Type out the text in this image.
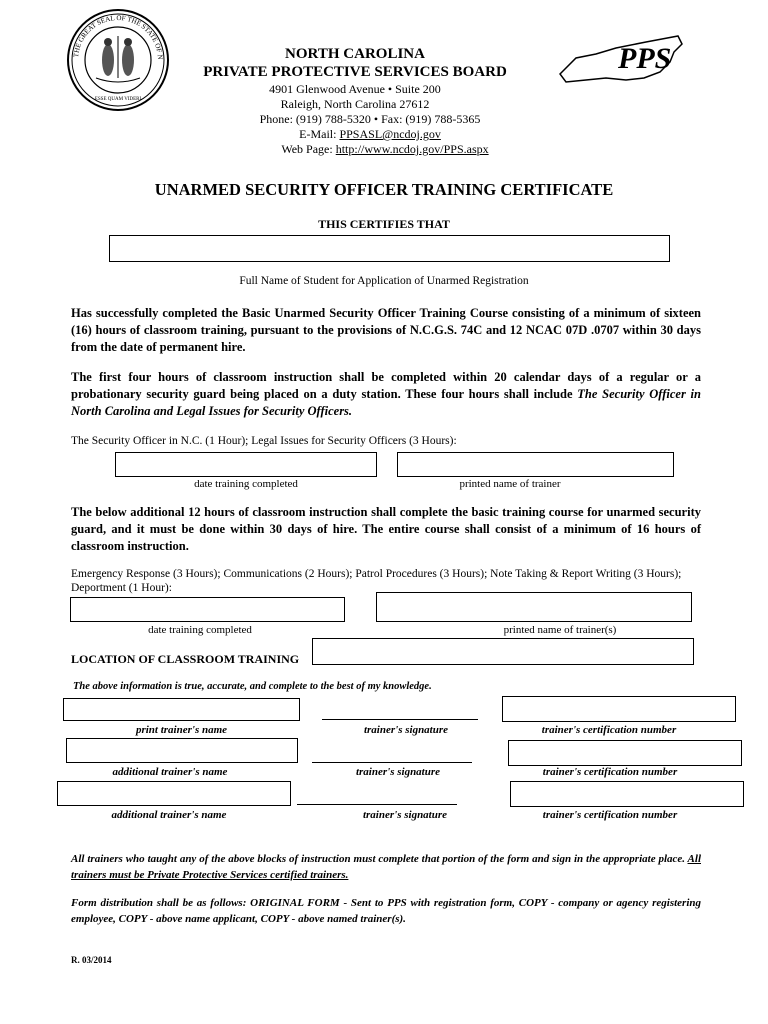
THE GREAT SEAL OF THE STATE OF N
ESSE QUAM VIDERI
NORTH CAROLINA
PRIVATE PROTECTIVE SERVICES BOARD
4901 Glenwood Avenue • Suite 200
Raleigh, North Carolina 27612
Phone: (919) 788-5320 • Fax: (919) 788-5365
E-Mail: PPSASL@ncdoj.gov
Web Page: http://www.ncdoj.gov/PPS.aspx
PPS
UNARMED SECURITY OFFICER TRAINING CERTIFICATE
THIS CERTIFIES THAT
Full Name of Student for Application of Unarmed Registration
Has successfully completed the Basic Unarmed Security Officer Training Course consisting of a minimum of sixteen (16) hours of classroom training, pursuant to the provisions of N.C.G.S. 74C and 12 NCAC 07D .0707 within 30 days from the date of permanent hire.
The first four hours of classroom instruction shall be completed within 20 calendar days of a regular or a probationary security guard being placed on a duty station. These four hours shall include The Security Officer in North Carolina and Legal Issues for Security Officers.
The Security Officer in N.C. (1 Hour); Legal Issues for Security Officers (3 Hours):
date training completed	printed name of trainer
The below additional 12 hours of classroom instruction shall complete the basic training course for unarmed security guard, and it must be done within 30 days of hire. The entire course shall consist of a minimum of 16 hours of classroom instruction.
Emergency Response (3 Hours); Communications (2 Hours); Patrol Procedures (3 Hours); Note Taking & Report Writing (3 Hours); Deportment (1 Hour):
date training completed	printed name of trainer(s)
LOCATION OF CLASSROOM TRAINING
The above information is true, accurate, and complete to the best of my knowledge.
print trainer's name	trainer's signature	trainer's certification number
additional trainer's name	trainer's signature	trainer's certification number
additional trainer's name	trainer's signature	trainer's certification number
All trainers who taught any of the above blocks of instruction must complete that portion of the form and sign in the appropriate place. All trainers must be Private Protective Services certified trainers.
Form distribution shall be as follows: ORIGINAL FORM - Sent to PPS with registration form, COPY - company or agency registering employee, COPY - above name applicant, COPY - above named trainer(s).
R. 03/2014
